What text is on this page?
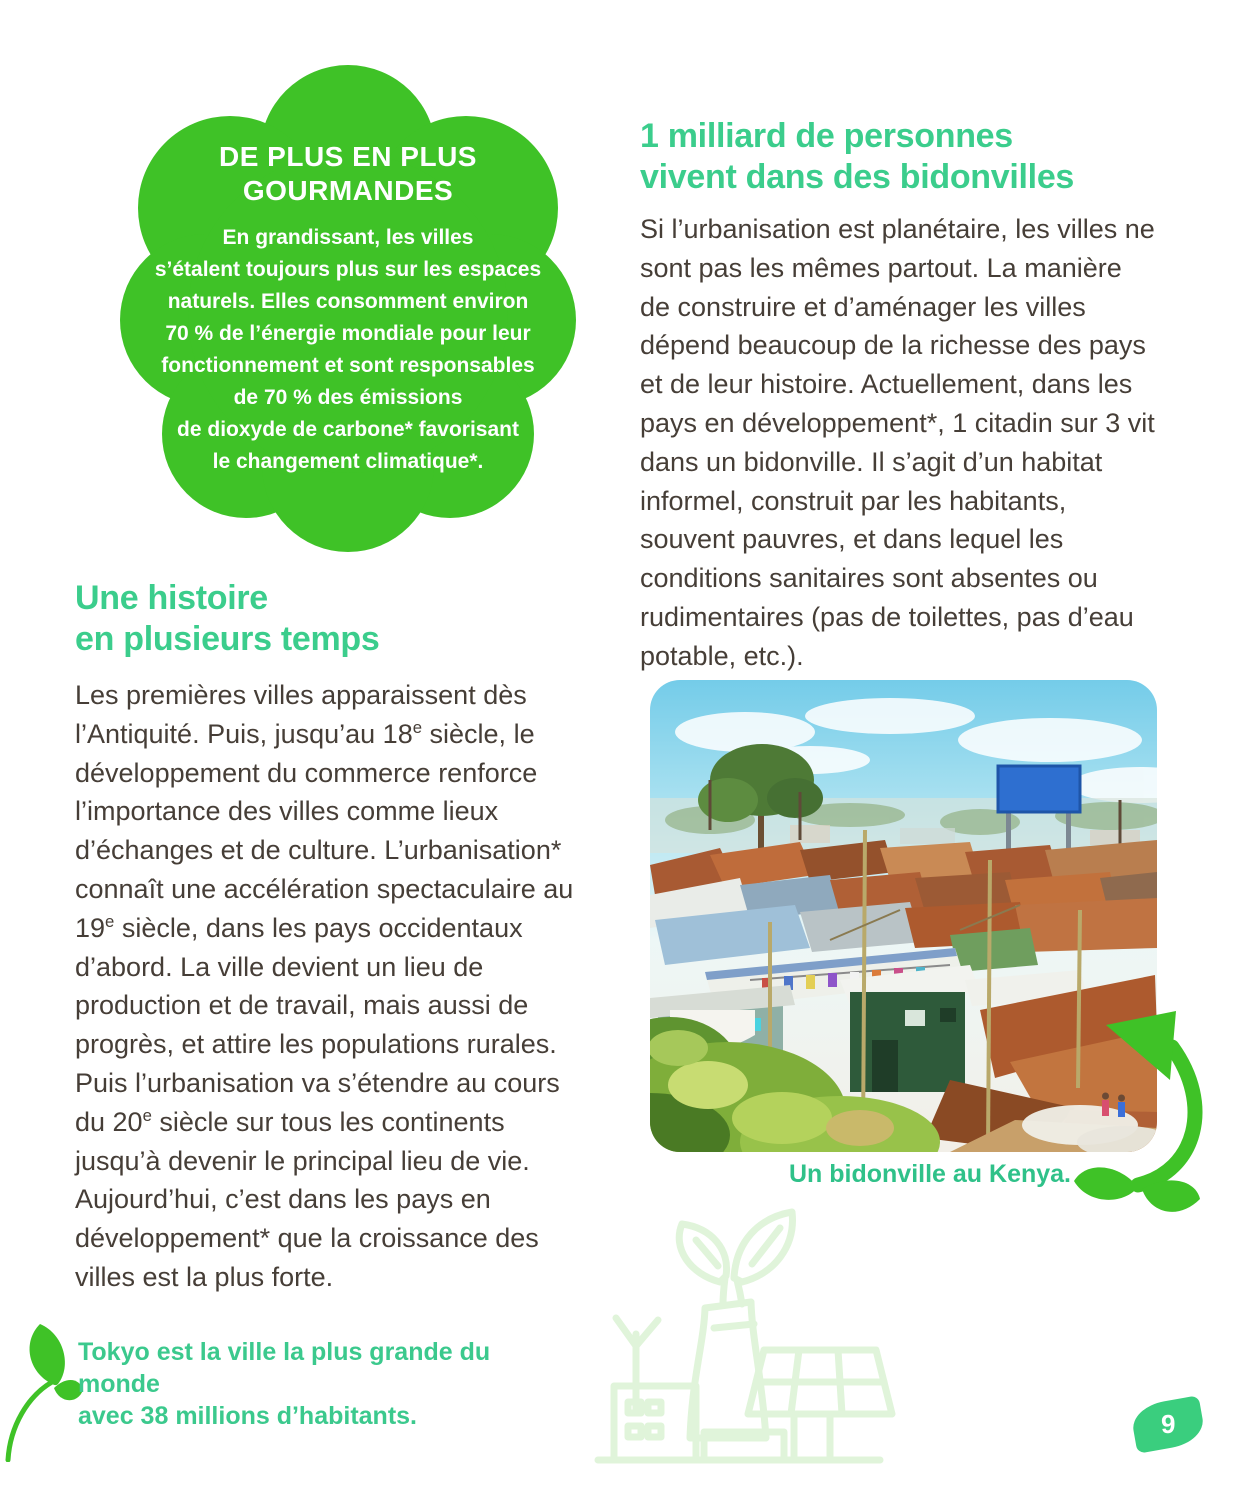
DE PLUS EN PLUS
GOURMANDES
En grandissant, les villes
s’étalent toujours plus sur les espaces
naturels. Elles consomment environ
70 % de l’énergie mondiale pour leur
fonctionnement et sont responsables
de 70 % des émissions
de dioxyde de carbone* favorisant
le changement climatique*.
Une histoire
en plusieurs temps

Les premières villes apparaissent dès l’Antiquité. Puis, jusqu’au 18e siècle, le développement du commerce renforce l’importance des villes comme lieux d’échanges et de culture. L’urbanisation* connaît une accélération spectaculaire au 19e siècle, dans les pays occidentaux d’abord. La ville devient un lieu de production et de travail, mais aussi de progrès, et attire les populations rurales. Puis l’urbanisation va s’étendre au cours du 20e siècle sur tous les continents jusqu’à devenir le principal lieu de vie. Aujourd’hui, c’est dans les pays en développement* que la croissance des villes est la plus forte.

1 milliard de personnes
vivent dans des bidonvilles

Si l’urbanisation est planétaire, les villes ne sont pas les mêmes partout. La manière de construire et d’aménager les villes dépend beaucoup de la richesse des pays et de leur histoire. Actuellement, dans les pays en développement*, 1 citadin sur 3 vit dans un bidonville. Il s’agit d’un habitat informel, construit par les habitants, souvent pauvres, et dans lequel les conditions sanitaires sont absentes ou rudimentaires (pas de toilettes, pas d’eau potable, etc.).

Un bidonville au Kenya.
Tokyo est la ville la plus grande du monde
avec 38 millions d’habitants.	9
